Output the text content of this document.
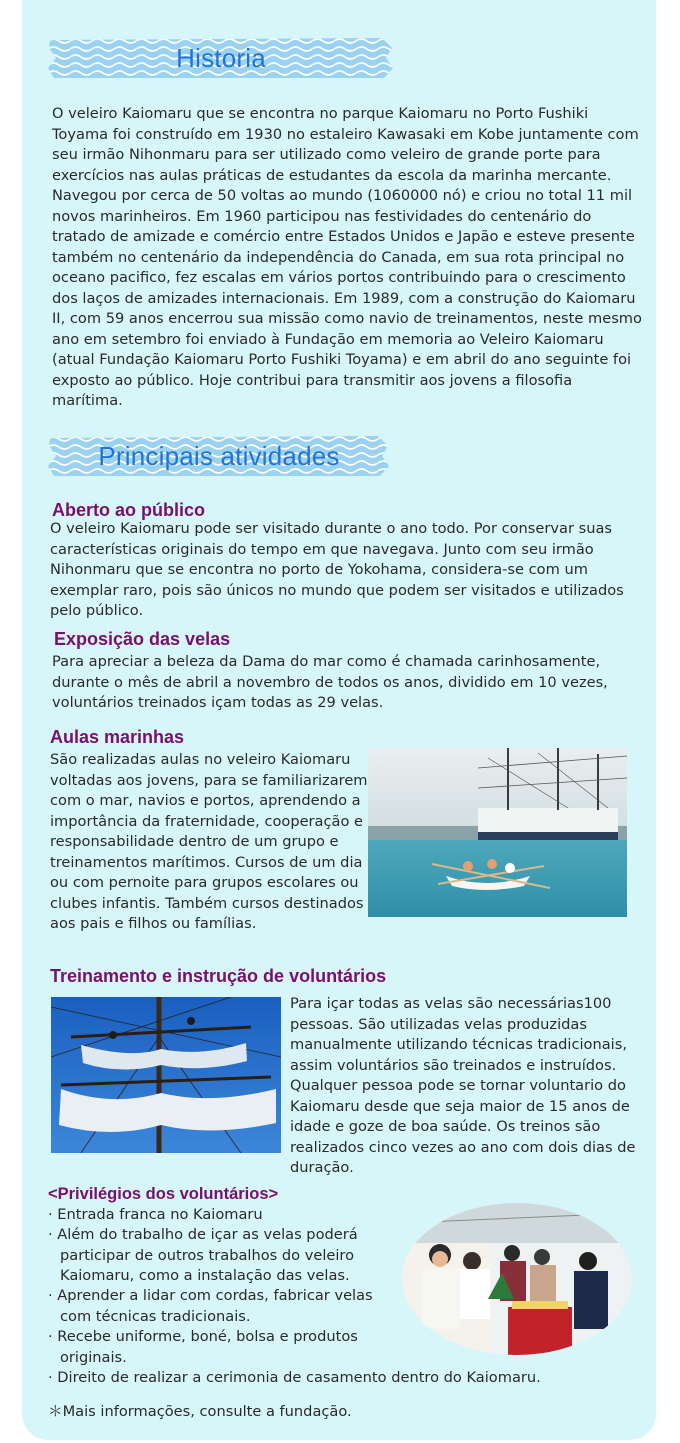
Historia

O veleiro Kaiomaru que se encontra no parque Kaiomaru no Porto Fushiki Toyama foi construído em 1930 no estaleiro Kawasaki em Kobe juntamente com seu irmão Nihonmaru para ser utilizado como veleiro de grande porte para exercícios nas aulas práticas de estudantes da escola da marinha mercante. Navegou por cerca de 50 voltas ao mundo (1060000 nó) e criou no total 11 mil novos marinheiros. Em 1960 participou nas festividades do centenário do tratado de amizade e comércio entre Estados Unidos e Japão e esteve presente também no centenário da independência do Canada, em sua rota principal no oceano pacifico, fez escalas em vários portos contribuindo para o crescimento dos laços de amizades internacionais. Em 1989, com a construção do Kaiomaru II, com 59 anos encerrou sua missão como navio de treinamentos, neste mesmo ano em setembro foi enviado à Fundação em memoria ao Veleiro Kaiomaru (atual Fundação Kaiomaru Porto Fushiki Toyama) e em abril do ano seguinte foi exposto ao público. Hoje contribui para transmitir aos jovens a filosofia marítima.

Principais atividades
Aberto ao público

O veleiro Kaiomaru pode ser visitado durante o ano todo. Por conservar suas características originais do tempo em que navegava. Junto com seu irmão Nihonmaru que se encontra no porto de Yokohama, considera-se com um exemplar raro, pois são únicos no mundo que podem ser visitados e utilizados pelo público.

Exposição das velas

Para apreciar a beleza da Dama do mar como é chamada carinhosamente, durante o mês de abril a novembro de todos os anos, dividido em 10 vezes, voluntários treinados içam todas as 29 velas.

Aulas marinhas

São realizadas aulas no veleiro Kaiomaru voltadas aos jovens, para se familiarizarem com o mar, navios e portos, aprendendo a importância da fraternidade, cooperação e responsabilidade dentro de um grupo e treinamentos marítimos. Cursos de um dia ou com pernoite para grupos escolares ou clubes infantis. Também cursos destinados aos pais e filhos ou famílias.

Treinamento e instrução de voluntários

Para içar todas as velas são necessárias100 pessoas. São utilizadas velas produzidas manualmente utilizando técnicas tradicionais, assim voluntários são treinados e instruídos. Qualquer pessoa pode se tornar voluntario do Kaiomaru desde que seja maior de 15 anos de idade e goze de boa saúde. Os treinos são realizados cinco vezes ao ano com dois dias de duração.

<Privilégios dos voluntários>
· Entrada franca no Kaiomaru
· Além do trabalho de içar as velas poderá participar de outros trabalhos do veleiro Kaiomaru, como a instalação das velas.
· Aprender a lidar com cordas, fabricar velas com técnicas tradicionais.
· Recebe uniforme, boné, bolsa e produtos originais.
· Direito de realizar a cerimonia de casamento dentro do Kaiomaru.

＊Mais informações, consulte a fundação.
